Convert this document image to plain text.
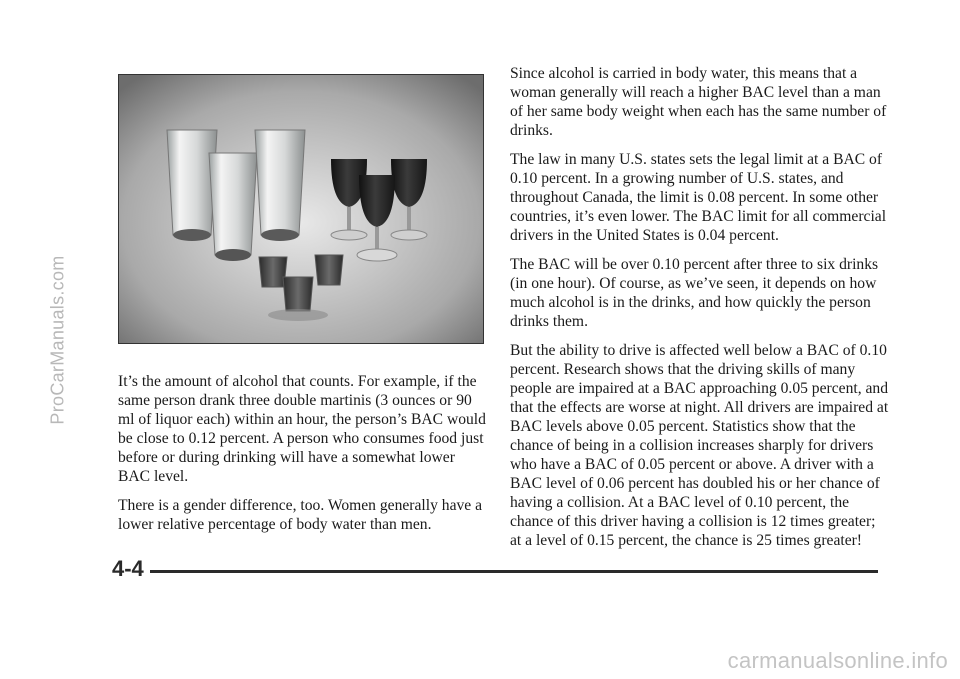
ProCarManuals.com	It’s the amount of alcohol that counts. For example, if the same person drank three double martinis (3 ounces or 90 ml of liquor each) within an hour, the person’s BAC would be close to 0.12 percent. A person who consumes food just before or during drinking will have a somewhat lower BAC level.

There is a gender difference, too. Women generally have a lower relative percentage of body water than men.

Since alcohol is carried in body water, this means that a woman generally will reach a higher BAC level than a man of her same body weight when each has the same number of drinks.

The law in many U.S. states sets the legal limit at a BAC of 0.10 percent. In a growing number of U.S. states, and throughout Canada, the limit is 0.08 percent. In some other countries, it’s even lower. The BAC limit for all commercial drivers in the United States is 0.04 percent.

The BAC will be over 0.10 percent after three to six drinks (in one hour). Of course, as we’ve seen, it depends on how much alcohol is in the drinks, and how quickly the person drinks them.

But the ability to drive is affected well below a BAC of 0.10 percent. Research shows that the driving skills of many people are impaired at a BAC approaching 0.05 percent, and that the effects are worse at night. All drivers are impaired at BAC levels above 0.05 percent. Statistics show that the chance of being in a collision increases sharply for drivers who have a BAC of 0.05 percent or above. A driver with a BAC level of 0.06 percent has doubled his or her chance of having a collision. At a BAC level of 0.10 percent, the chance of this driver having a collision is 12 times greater; at a level of 0.15 percent, the chance is 25 times greater!

4-4
carmanualsonline.info
